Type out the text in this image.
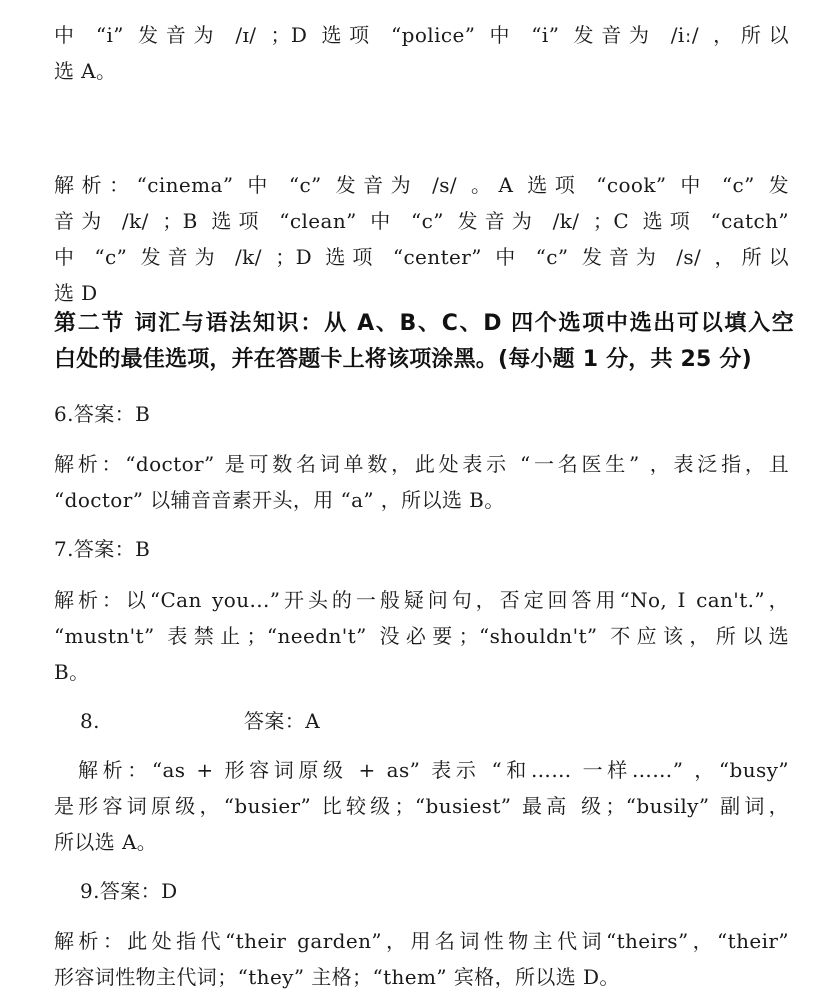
中 “i” 发音为 /ɪ/ ；D 选项 “police” 中 “i” 发音为 /iː/ ，所以
选 A。
解析：“cinema” 中 “c” 发音为 /s/ 。A 选项 “cook” 中 “c” 发
音为 /k/ ；B 选项 “clean” 中 “c” 发音为 /k/ ；C 选项 “catch”
中 “c” 发音为 /k/ ；D 选项 “center” 中 “c” 发音为 /s/ ，所以
选 D
第二节 词汇与语法知识：从 A、B、C、D 四个选项中选出可以填入空
白处的最佳选项，并在答题卡上将该项涂黑。(每小题 1 分，共 25 分)
6.答案：B
解析：“doctor” 是可数名词单数，此处表示 “一名医生” ，表泛指，且
“doctor” 以辅音音素开头，用 “a” ，所以选 B。
7.答案：B
解析：以“Can you...”开头的一般疑问句，否定回答用“No, I can't.”，
“mustn't” 表禁止；“needn't” 没必要；“shouldn't” 不应该，所以选
B。
8.	答案：A
解析：“as + 形容词原级 + as” 表示 “和…… 一样……” ，“busy”
是形容词原级，“busier” 比较级；“busiest” 最高 级；“busily” 副词，
所以选 A。
9.答案：D
解析：此处指代“their garden”，用名词性物主代词“theirs”，“their”
形容词性物主代词；“they” 主格；“them” 宾格，所以选 D。
